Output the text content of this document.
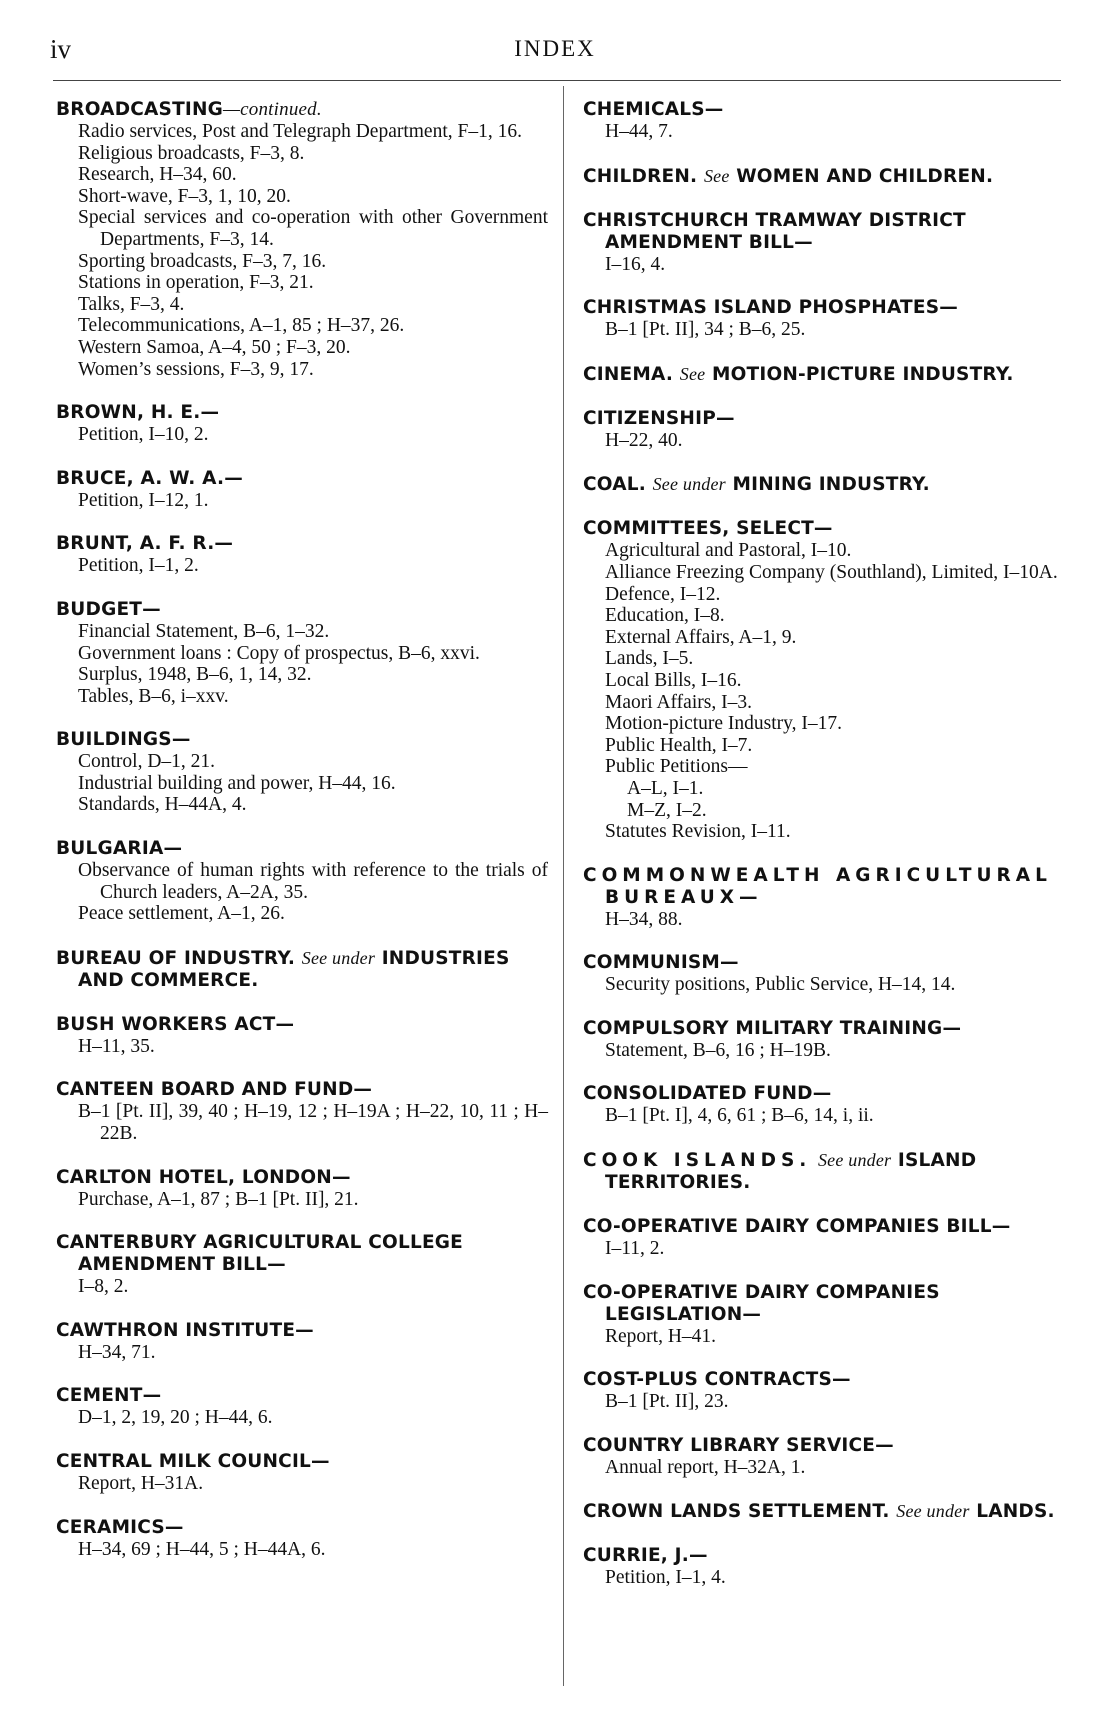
iv	INDEX
BROADCASTING—continued.
Radio services, Post and Telegraph Department, F–1, 16.
Religious broadcasts, F–3, 8.
Research, H–34, 60.
Short-wave, F–3, 1, 10, 20.
Special services and co-operation with other Government Departments, F–3, 14.
Sporting broadcasts, F–3, 7, 16.
Stations in operation, F–3, 21.
Talks, F–3, 4.
Telecommunications, A–1, 85 ; H–37, 26.
Western Samoa, A–4, 50 ; F–3, 20.
Women’s sessions, F–3, 9, 17.
BROWN, H. E.—
Petition, I–10, 2.
BRUCE, A. W. A.—
Petition, I–12, 1.
BRUNT, A. F. R.—
Petition, I–1, 2.
BUDGET—
Financial Statement, B–6, 1–32.
Government loans : Copy of prospectus, B–6, xxvi.
Surplus, 1948, B–6, 1, 14, 32.
Tables, B–6, i–xxv.
BUILDINGS—
Control, D–1, 21.
Industrial building and power, H–44, 16.
Standards, H–44A, 4.
BULGARIA—
Observance of human rights with reference to the trials of Church leaders, A–2A, 35.
Peace settlement, A–1, 26.
BUREAU OF INDUSTRY. See under INDUSTRIES AND COMMERCE.
BUSH WORKERS ACT—
H–11, 35.
CANTEEN BOARD AND FUND—
B–1 [Pt. II], 39, 40 ; H–19, 12 ; H–19A ; H–22, 10, 11 ; H–22B.
CARLTON HOTEL, LONDON—
Purchase, A–1, 87 ; B–1 [Pt. II], 21.
CANTERBURY AGRICULTURAL COLLEGE AMENDMENT BILL—
I–8, 2.
CAWTHRON INSTITUTE—
H–34, 71.
CEMENT—
D–1, 2, 19, 20 ; H–44, 6.
CENTRAL MILK COUNCIL—
Report, H–31A.
CERAMICS—
H–34, 69 ; H–44, 5 ; H–44A, 6.
CHEMICALS—
H–44, 7.
CHILDREN. See WOMEN AND CHILDREN.
CHRISTCHURCH TRAMWAY DISTRICT AMENDMENT BILL—
I–16, 4.
CHRISTMAS ISLAND PHOSPHATES—
B–1 [Pt. II], 34 ; B–6, 25.
CINEMA. See MOTION-PICTURE INDUSTRY.
CITIZENSHIP—
H–22, 40.
COAL. See under MINING INDUSTRY.
COMMITTEES, SELECT—
Agricultural and Pastoral, I–10.
Alliance Freezing Company (Southland), Limited, I–10A.
Defence, I–12.
Education, I–8.
External Affairs, A–1, 9.
Lands, I–5.
Local Bills, I–16.
Maori Affairs, I–3.
Motion-picture Industry, I–17.
Public Health, I–7.
Public Petitions—
A–L, I–1.
M–Z, I–2.
Statutes Revision, I–11.
COMMONWEALTH AGRICULTURAL BUREAUX—
H–34, 88.
COMMUNISM—
Security positions, Public Service, H–14, 14.
COMPULSORY MILITARY TRAINING—
Statement, B–6, 16 ; H–19B.
CONSOLIDATED FUND—
B–1 [Pt. I], 4, 6, 61 ; B–6, 14, i, ii.
COOK ISLANDS. See under ISLAND TERRITORIES.
CO-OPERATIVE DAIRY COMPANIES BILL—
I–11, 2.
CO-OPERATIVE DAIRY COMPANIES LEGISLATION—
Report, H–41.
COST-PLUS CONTRACTS—
B–1 [Pt. II], 23.
COUNTRY LIBRARY SERVICE—
Annual report, H–32A, 1.
CROWN LANDS SETTLEMENT. See under LANDS.
CURRIE, J.—
Petition, I–1, 4.
